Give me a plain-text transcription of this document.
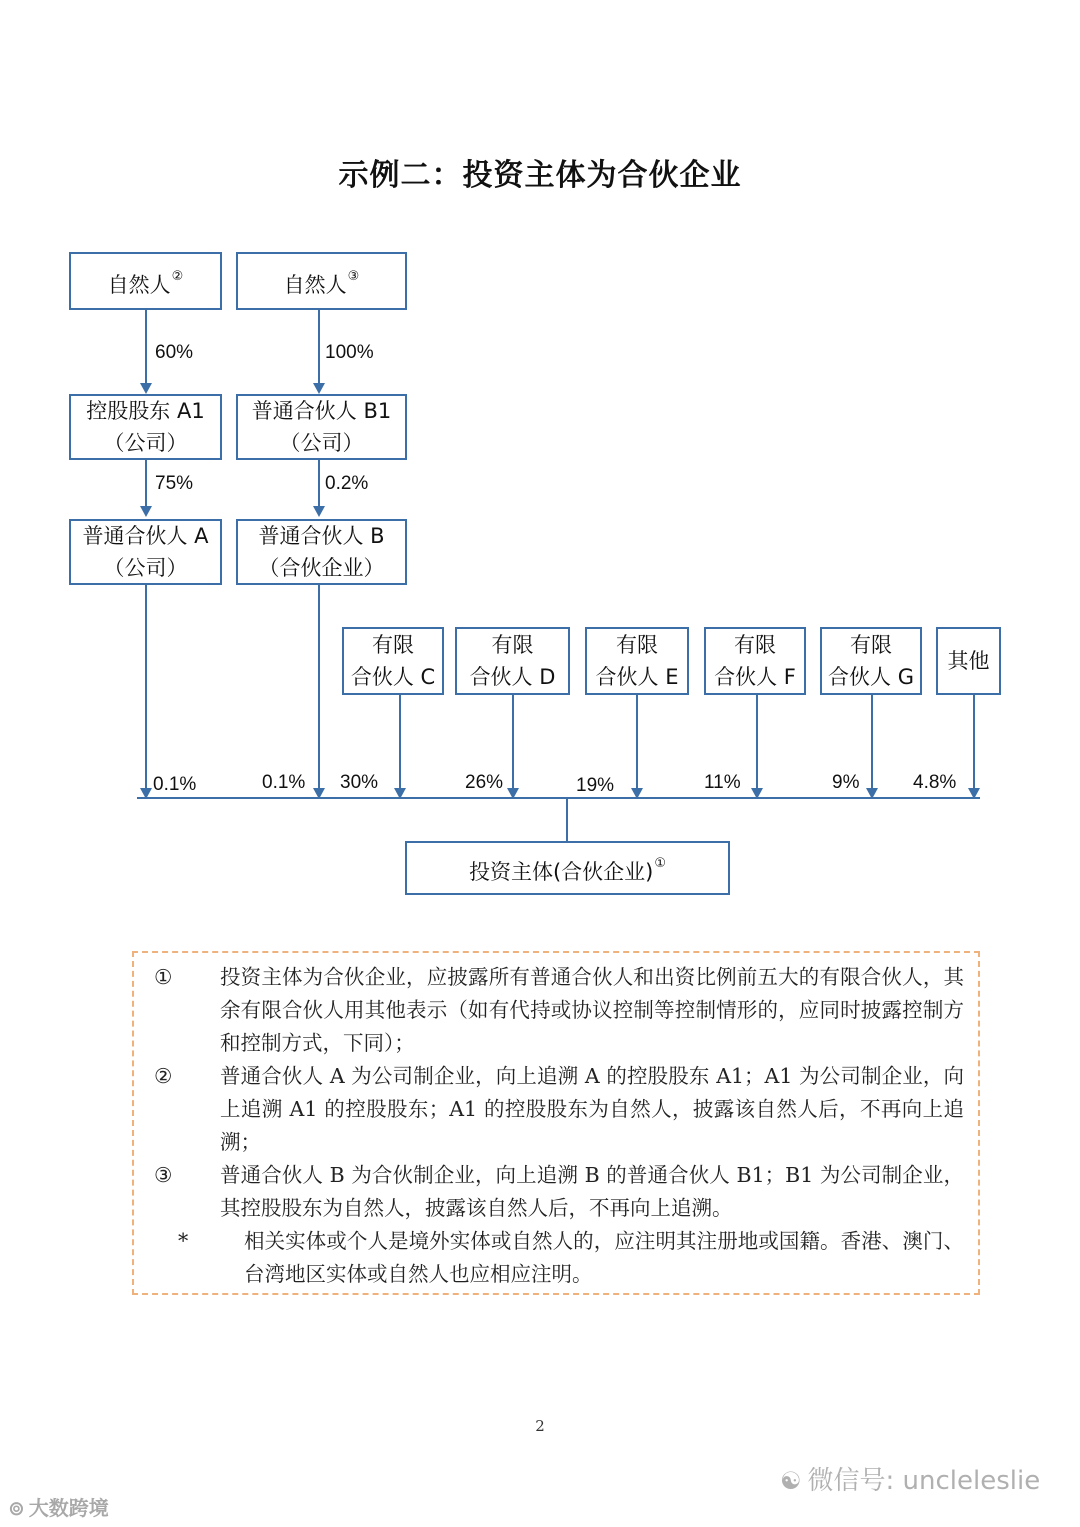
示例二：投资主体为合伙企业
自然人②	自然人③
60%	100%
控股股东 A1
（公司）
普通合伙人 B1
（公司）
75%	0.2%
普通合伙人 A
（公司）
普通合伙人 B
（合伙企业）
有限
合伙人 C
有限
合伙人 D
有限
合伙人 E
有限
合伙人 F
有限
合伙人 G
其他
0.1%	0.1% 30%	26%	19%	11%	9%	4.8%
投资主体(合伙企业)①
①	投资主体为合伙企业，应披露所有普通合伙人和出资比例前五大的有限合伙人，其余有限合伙人用其他表示（如有代持或协议控制等控制情形的，应同时披露控制方和控制方式，下同）；
②	普通合伙人 A 为公司制企业，向上追溯 A 的控股股东 A1；A1 为公司制企业，向上追溯 A1 的控股股东；A1 的控股股东为自然人，披露该自然人后，不再向上追溯；
③	普通合伙人 B 为合伙制企业，向上追溯 B 的普通合伙人 B1；B1 为公司制企业，其控股股东为自然人，披露该自然人后，不再向上追溯。
*	相关实体或个人是境外实体或自然人的，应注明其注册地或国籍。香港、澳门、台湾地区实体或自然人也应相应注明。
2
☯ 微信号: uncleleslie
⊚ 大数跨境
